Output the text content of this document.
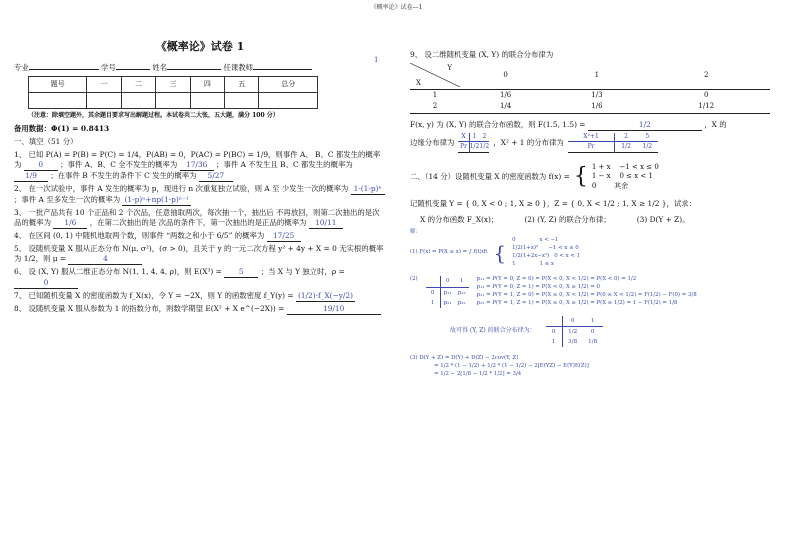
《概率论》试卷—1
1
《概率论》试卷 1
专业	学号	姓名	任课教师
题号	一	二	三	四	五	总分

（注意：除填空题外，其余题目要求写出解题过程。本试卷共二大张，五大题，满分 100 分）
备用数据：Φ(1) = 0.8413
一、填空（51 分）
1、 已知 P(A) = P(B) = P(C) = 1/4，P(AB) = 0，P(AC) = P(BC) = 1/9，则事件 A、 B、C 都发生的概率为 0 ；事件 A、B、C 全不发生的概率为 17/36 ；事件 A 不发生且 B、C 都发生的概率为 1/9 ；在事件 B 不发生的条件下 C 发生的概率为 5/27
2、 在一次试验中，事件 A 发生的概率为 p，现进行 n 次重复独立试验，则 A 至 少发生一次的概率为 1-(1-p)ⁿ ；事件 A 至多发生一次的概率为 (1-p)ⁿ+np(1-p)ⁿ⁻¹
3、 一批产品共有 10 个正品和 2 个次品，任意抽取两次，每次抽一个，抽出后 不再放回，则第二次抽出的是次品的概率为 1/6 ，在第二次抽出的是 次品的条件下，第一次抽出的是正品的概率为 10/11
4、 在区间 (0, 1) 中随机地取两个数，则事件 “两数之和小于 6/5” 的概率为 17/25
5、 设随机变量 X 服从正态分布 N(μ, σ²)，(σ > 0)，且关于 y 的一元二次方程 y² + 4y + X = 0 无实根的概率为 1/2，则 μ =	4
6、 设 (X, Y) 服从二维正态分布 N(1, 1, 4, 4, ρ)，则 E(X³) = 5 ；当 X 与 Y 独立时，ρ = 0
7、 已知随机变量 X 的密度函数为 f_X(x)，令 Y = −2X，则 Y 的函数密度 f_Y(y) = (1/2)·f_X(−y/2)
8、 设随机变量 X 服从参数为 1 的指数分布，则数学期望 E(X² + X e^(−2X)) =	19/10
9、 设二维随机变量 (X, Y) 的联合分布律为
Y
X	0	1	2
1	1/6	1/3	0
2	1/4	1/6	1/12
F(x, y) 为 (X, Y) 的联合分布函数，则 F(1.5, 1.5) =	1/2	，X 的
边缘分布律为
X	1	2
Pr	1/2	1/2 ，X² + 1 的分布律为
X²+1	2	5
Pr	1/2	1/2
二、（14 分）设随机变量 X 的密度函数为 f(x) = { 1 + x    −1 < x ≤ 0
1 − x    0 ≤ x < 1
0        其余
记随机变量 Y = { 0, X < 0 ; 1, X ≥ 0 }，Z = { 0, X < 1/2 ; 1, X ≥ 1/2 }，试求：
X 的分布函数 F_X(x)；	(2) (Y, Z) 的联合分布律；	(3) D(Y + Z)。
解：
(1) F(x) = P(X ≤ x) = ∫ f(t)dt {
0              x < −1
1/2(1+x)²      −1 < x ≤ 0
1/2(1+2x−x²)   0 < x < 1
1              1 ≤ x
(2)
		0	1
0	p₁₁	p₁₂
1	p₂₁	p₂₂
p₁₁ = P(Y = 0, Z = 0) = P(X < 0, X < 1/2) = P(X < 0) = 1/2
p₁₂ = P(Y = 0, Z = 1) = P(X < 0, X ≥ 1/2) = 0
p₂₁ = P(Y = 1, Z = 0) = P(X ≥ 0, X < 1/2) = P(0 ≤ X < 1/2) = F(1/2) − F(0) = 3/8
p₂₂ = P(Y = 1, Z = 1) = P(X ≥ 0, X ≥ 1/2) = P(X ≥ 1/2) = 1 − F(1/2) = 1/8
故可得 (Y, Z) 的联合分布律为：
	0	1
0	1/2	0
1	3/8	1/8
(3) D(Y + Z) = D(Y) + D(Z) − 2cov(Y, Z)
= 1/2 * (1 − 1/2) + 1/2 * (1 − 1/2) − 2[E(YZ) − E(Y)E(Z)]
= 1/2 − 2[1/8 − 1/2 * 1/2] = 3/4
